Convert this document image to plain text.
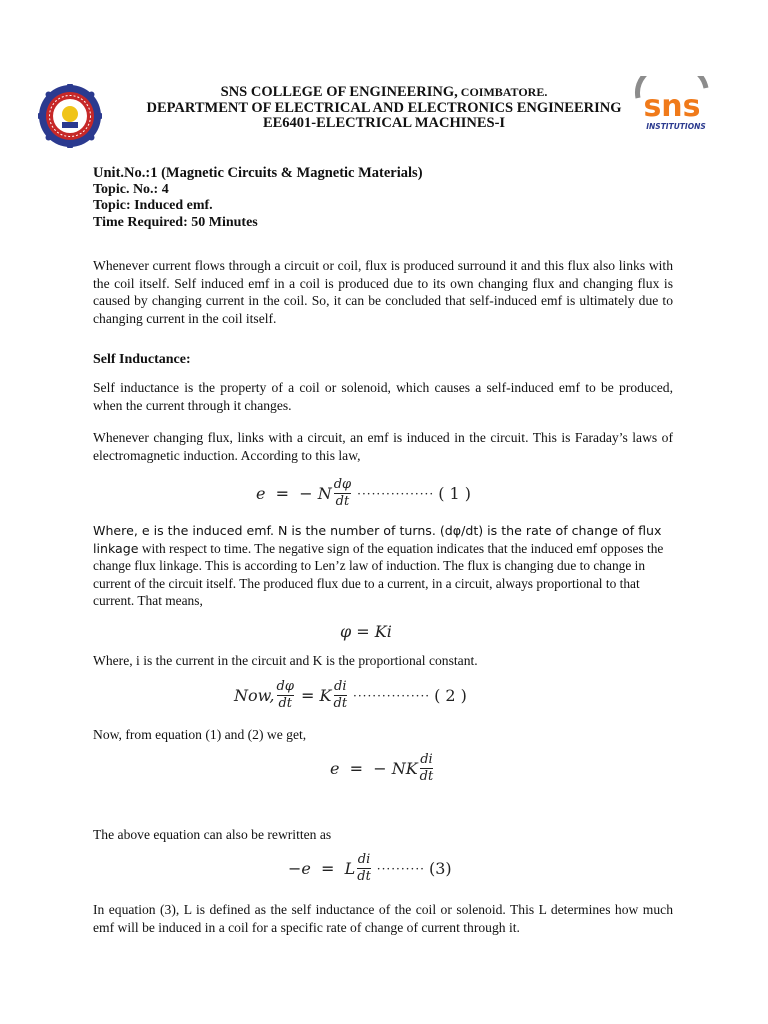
sns
INSTITUTIONS
SNS COLLEGE OF ENGINEERING, COIMBATORE.
DEPARTMENT OF ELECTRICAL AND ELECTRONICS ENGINEERING
EE6401-ELECTRICAL MACHINES-I
Unit.No.:1 (Magnetic Circuits & Magnetic Materials)
Topic. No.: 4
Topic: Induced emf.
Time Required: 50 Minutes
Whenever current flows through a circuit or coil, flux is produced surround it and this flux also links with the coil itself. Self induced emf in a coil is produced due to its own changing flux and changing flux is caused by changing current in the coil. So, it can be concluded that self-induced emf is ultimately due to changing current in the coil itself.
Self Inductance:
Self inductance is the property of a coil or solenoid, which causes a self-induced emf to be produced, when the current through it changes.
Whenever changing flux, links with a circuit, an emf is induced in the circuit. This is Faraday’s laws of electromagnetic induction. According to this law,
e
=
− N $\frac{d\varphi}{dt}$ ················ ( 1 )
Where, e is the induced emf. N is the number of turns. (dφ/dt) is the rate of change of flux linkage with respect to time. The negative sign of the equation indicates that the induced emf opposes the change flux linkage. This is according to Len’z law of induction. The flux is changing due to change in current of the circuit itself. The produced flux due to a current, in a circuit, always proportional to that current. That means,
φ = Ki
Where, i is the current in the circuit and K is the proportional constant.
Now, $\frac{d\varphi}{dt}$
=
K $\frac{di}{dt}$ ················ ( 2 )
Now, from equation (1) and (2) we get,
e
=
− NK $\frac{di}{dt}$
The above equation can also be rewritten as
−e
=
L $\frac{di}{dt}$ ·········· (3)
In equation (3), L is defined as the self inductance of the coil or solenoid. This L determines how much emf will be induced in a coil for a specific rate of change of current through it.
